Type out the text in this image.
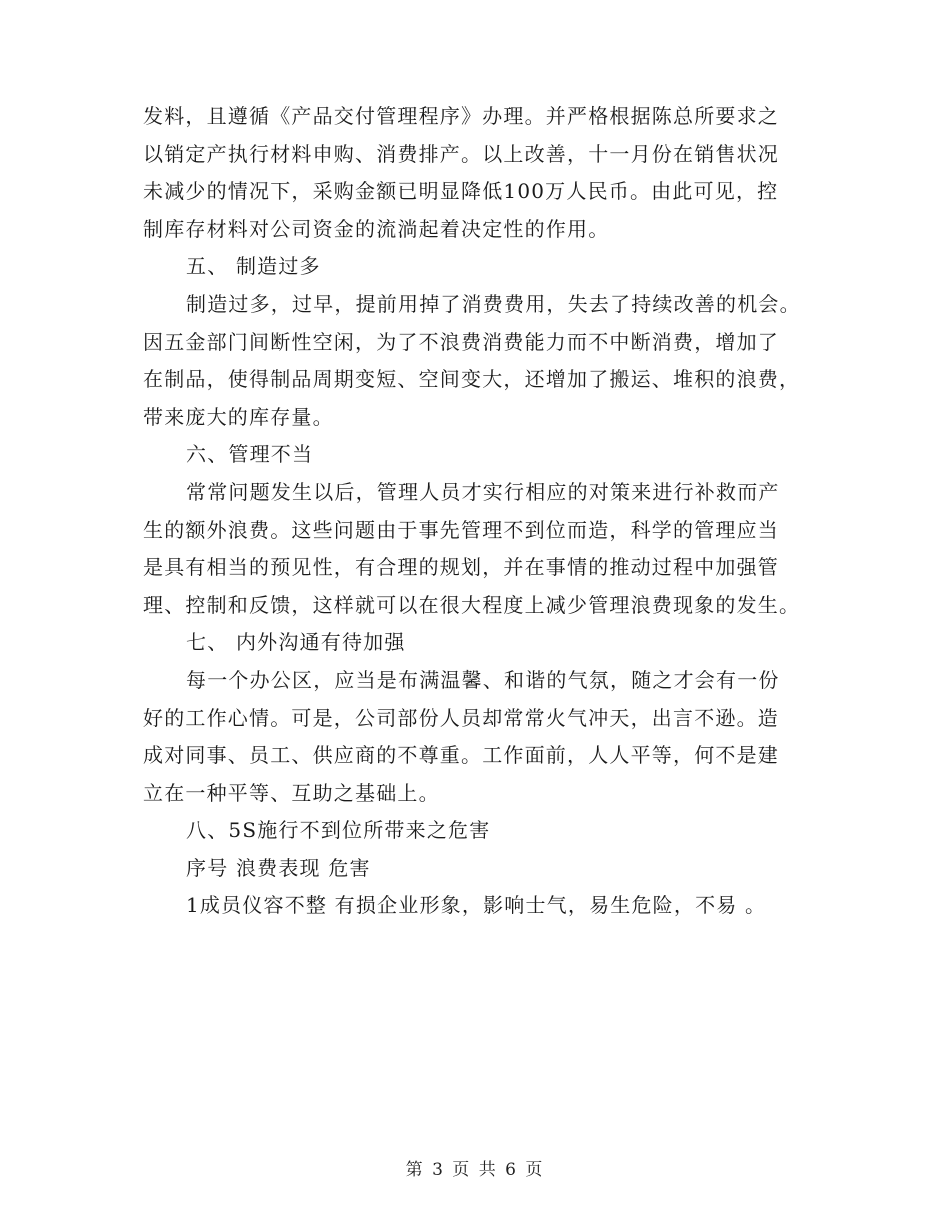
发料，且遵循《产品交付管理程序》办理。并严格根据陈总所要求之
以销定产执行材料申购、消费排产。以上改善，十一月份在销售状况
未减少的情况下，采购金额已明显降低100万人民币。由此可见，控
制库存材料对公司资金的流淌起着决定性的作用。
五、 制造过多
制造过多，过早，提前用掉了消费费用，失去了持续改善的机会。
因五金部门间断性空闲，为了不浪费消费能力而不中断消费，增加了
在制品，使得制品周期变短、空间变大，还增加了搬运、堆积的浪费，
带来庞大的库存量。
六、管理不当
常常问题发生以后，管理人员才实行相应的对策来进行补救而产
生的额外浪费。这些问题由于事先管理不到位而造，科学的管理应当
是具有相当的预见性，有合理的规划，并在事情的推动过程中加强管
理、控制和反馈，这样就可以在很大程度上减少管理浪费现象的发生。
七、 内外沟通有待加强
每一个办公区，应当是布满温馨、和谐的气氛，随之才会有一份
好的工作心情。可是，公司部份人员却常常火气冲天，出言不逊。造
成对同事、员工、供应商的不尊重。工作面前，人人平等，何不是建
立在一种平等、互助之基础上。
八、5S施行不到位所带来之危害
序号 浪费表现 危害
1成员仪容不整 有损企业形象，影响士气，易生危险，不易 。
第 3 页 共 6 页
